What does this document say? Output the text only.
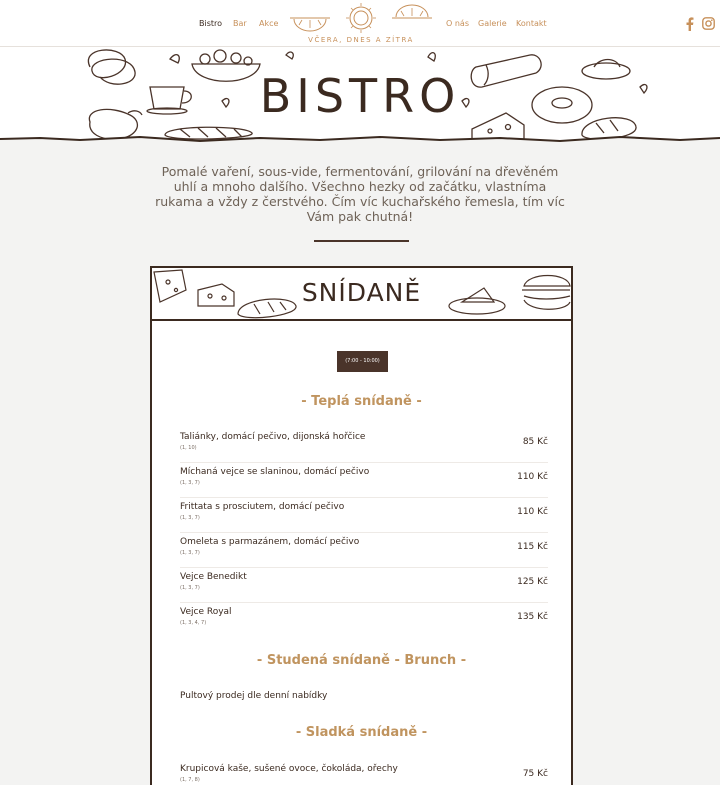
Bistro Bar Akce
VČERA, DNES A ZÍTRA
O nás Galerie Kontakt
BISTRO
Pomalé vaření, sous-vide, fermentování, grilování na dřevěném uhlí a mnoho dalšího. Všechno hezky od začátku, vlastníma rukama a vždy z čerstvého. Čím víc kuchařského řemesla, tím víc Vám pak chutná!
SNÍDANĚ
(7:00 - 10:00)
- Teplá snídaně -
Taliánky, domácí pečivo, dijonská hořčice
(1, 10)
85 Kč
Míchaná vejce se slaninou, domácí pečivo
(1, 3, 7)
110 Kč
Frittata s prosciutem, domácí pečivo
(1, 3, 7)
110 Kč
Omeleta s parmazánem, domácí pečivo
(1, 3, 7)
115 Kč
Vejce Benedikt
(1, 3, 7)
125 Kč
Vejce Royal
(1, 3, 4, 7)
135 Kč
- Studená snídaně - Brunch -
Pultový prodej dle denní nabídky
- Sladká snídaně -
Krupicová kaše, sušené ovoce, čokoláda, ořechy
(1, 7, 8)
75 Kč
